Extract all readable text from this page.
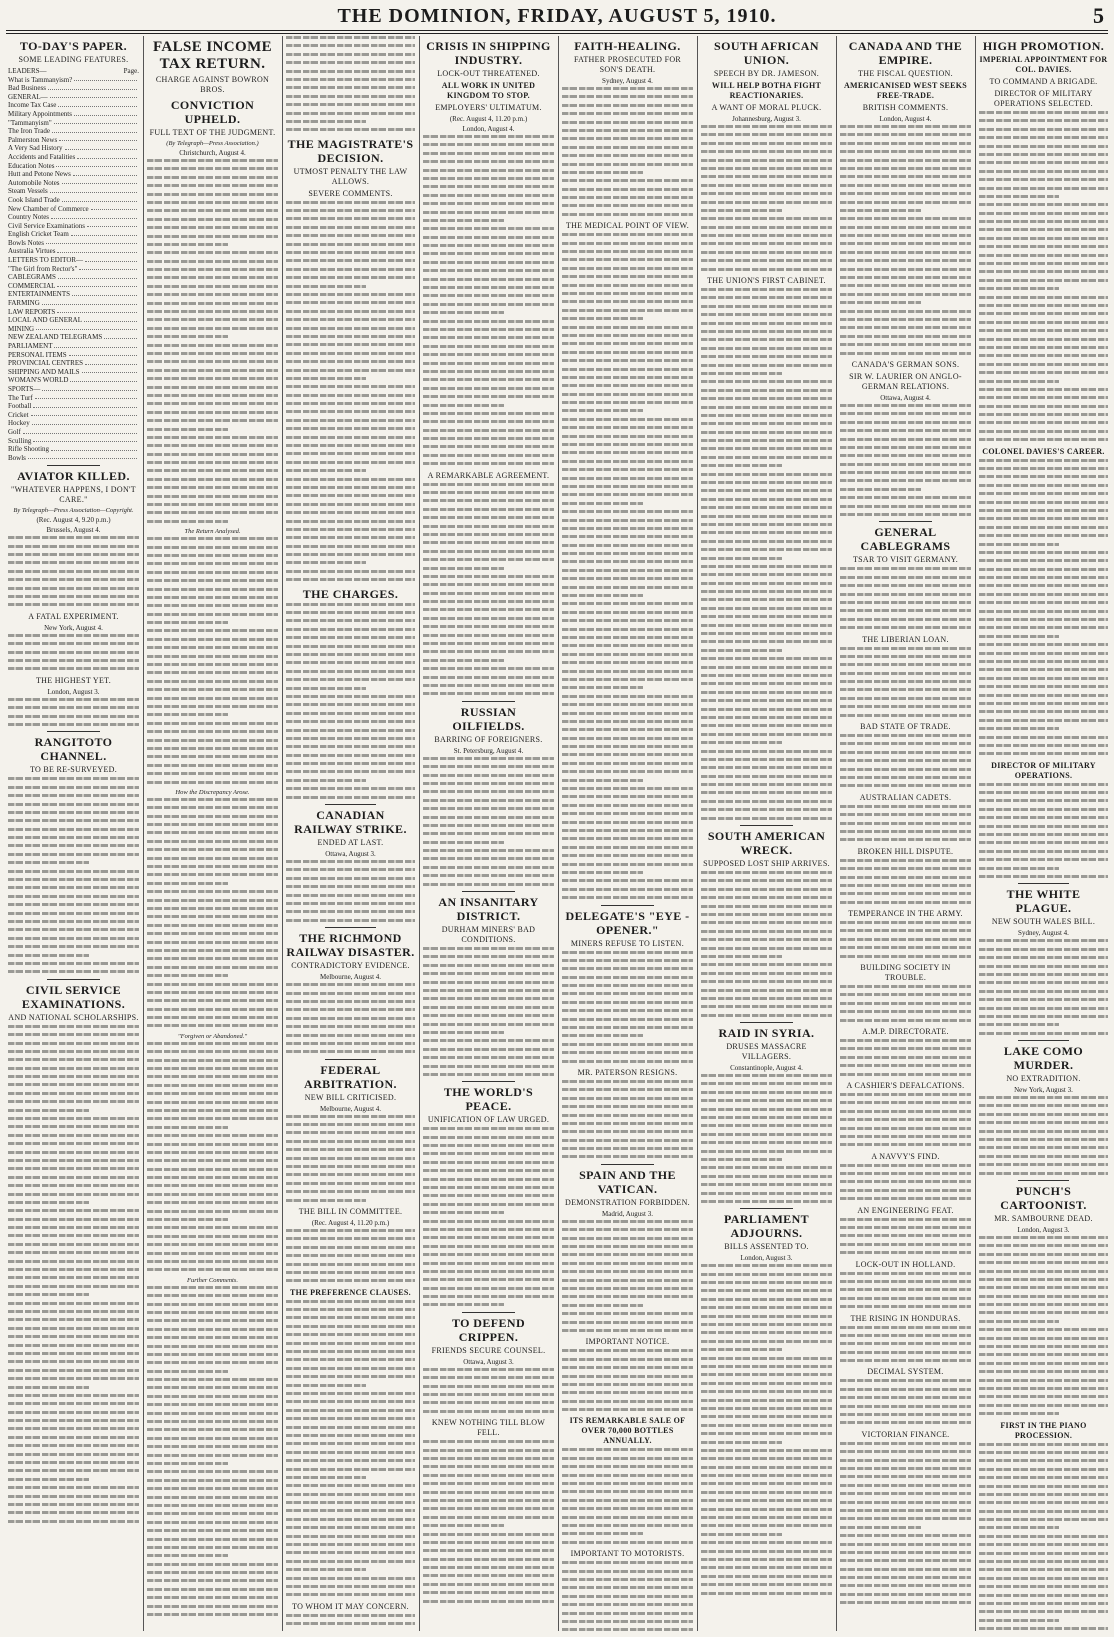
THE DOMINION, FRIDAY, AUGUST 5, 1910.	5
TO-DAY'S PAPER.
SOME LEADING FEATURES.
LEADERS—	Page.
What is Tammanyism?
Bad Business
GENERAL—
Income Tax Case
Military Appointments
"Tammanyism"
The Iron Trade
Palmerston News
A Very Sad History
Accidents and Fatalities
Education Notes
Hutt and Petone News
Automobile Notes
Steam Vessels
Cook Island Trade
New Chamber of Commerce
Country Notes
Civil Service Examinations
English Cricket Team
Bowls Notes
Australia Virtues
LETTERS TO EDITOR—
"The Girl from Rector's"
CABLEGRAMS
COMMERCIAL
ENTERTAINMENTS
FARMING
LAW REPORTS
LOCAL AND GENERAL
MINING
NEW ZEALAND TELEGRAMS
PARLIAMENT
PERSONAL ITEMS
PROVINCIAL CENTRES
SHIPPING AND MAILS
WOMAN'S WORLD
SPORTS—
The Turf
Football
Cricket
Hockey
Golf
Sculling
Rifle Shooting
Bowls
AVIATOR KILLED.
"WHATEVER HAPPENS, I DON'T CARE."
By Telegraph—Press Association—Copyright.
(Rec. August 4, 9.20 p.m.)
Brussels, August 4.
A FATAL EXPERIMENT.
New York, August 4.
THE HIGHEST YET.
London, August 3.
RANGITOTO CHANNEL.
TO BE RE-SURVEYED.
CIVIL SERVICE EXAMINATIONS.
AND NATIONAL SCHOLARSHIPS.
FALSE INCOME TAX RETURN.
CHARGE AGAINST BOWRON BROS.
CONVICTION UPHELD.
FULL TEXT OF THE JUDGMENT.
(By Telegraph—Press Association.)
Christchurch, August 4.
The Return Analysed.
How the Discrepancy Arose.
"Forgiven or Abandoned."
Further Comments.
THE MAGISTRATE'S DECISION.
UTMOST PENALTY THE LAW ALLOWS.
SEVERE COMMENTS.
THE CHARGES.
CANADIAN RAILWAY STRIKE.
ENDED AT LAST.
Ottawa, August 3.
THE RICHMOND RAILWAY DISASTER.
CONTRADICTORY EVIDENCE.
Melbourne, August 4.
FEDERAL ARBITRATION.
NEW BILL CRITICISED.
Melbourne, August 4.
THE BILL IN COMMITTEE.
(Rec. August 4, 11.20 p.m.)
THE PREFERENCE CLAUSES.
TO WHOM IT MAY CONCERN.
CRISIS IN SHIPPING INDUSTRY.
LOCK-OUT THREATENED.
ALL WORK IN UNITED KINGDOM TO STOP.
EMPLOYERS' ULTIMATUM.
(Rec. August 4, 11.20 p.m.)
London, August 4.
A REMARKABLE AGREEMENT.
RUSSIAN OILFIELDS.
BARRING OF FOREIGNERS.
St. Petersburg, August 4.
AN INSANITARY DISTRICT.
DURHAM MINERS' BAD CONDITIONS.
THE WORLD'S PEACE.
UNIFICATION OF LAW URGED.
TO DEFEND CRIPPEN.
FRIENDS SECURE COUNSEL.
Ottawa, August 3.
KNEW NOTHING TILL BLOW FELL.
FAITH-HEALING.
FATHER PROSECUTED FOR SON'S DEATH.
Sydney, August 4.
THE MEDICAL POINT OF VIEW.
DELEGATE'S "EYE - OPENER."
MINERS REFUSE TO LISTEN.
MR. PATERSON RESIGNS.
SPAIN AND THE VATICAN.
DEMONSTRATION FORBIDDEN.
Madrid, August 3.
IMPORTANT NOTICE.
ITS REMARKABLE SALE OF OVER 70,000 BOTTLES ANNUALLY.
IMPORTANT TO MOTORISTS.
SOUTH AFRICAN UNION.
SPEECH BY DR. JAMESON.
WILL HELP BOTHA FIGHT REACTIONARIES.
A WANT OF MORAL PLUCK.
Johannesburg, August 3.
THE UNION'S FIRST CABINET.
SOUTH AMERICAN WRECK.
SUPPOSED LOST SHIP ARRIVES.
RAID IN SYRIA.
DRUSES MASSACRE VILLAGERS.
Constantinople, August 4.
PARLIAMENT ADJOURNS.
BILLS ASSENTED TO.
London, August 3.
CANADA AND THE EMPIRE.
THE FISCAL QUESTION.
AMERICANISED WEST SEEKS FREE-TRADE.
BRITISH COMMENTS.
London, August 4.
CANADA'S GERMAN SONS.
SIR W. LAURIER ON ANGLO-GERMAN RELATIONS.
Ottawa, August 4.
GENERAL CABLEGRAMS
TSAR TO VISIT GERMANY.
THE LIBERIAN LOAN.
BAD STATE OF TRADE.
AUSTRALIAN CADETS.
BROKEN HILL DISPUTE.
TEMPERANCE IN THE ARMY.
BUILDING SOCIETY IN TROUBLE.
A.M.P. DIRECTORATE.
A CASHIER'S DEFALCATIONS.
A NAVVY'S FIND.
AN ENGINEERING FEAT.
LOCK-OUT IN HOLLAND.
THE RISING IN HONDURAS.
DECIMAL SYSTEM.
VICTORIAN FINANCE.
HIGH PROMOTION.
IMPERIAL APPOINTMENT FOR COL. DAVIES.
TO COMMAND A BRIGADE.
DIRECTOR OF MILITARY OPERATIONS SELECTED.
COLONEL DAVIES'S CAREER.
DIRECTOR OF MILITARY OPERATIONS.
THE WHITE PLAGUE.
NEW SOUTH WALES BILL.
Sydney, August 4.
LAKE COMO MURDER.
NO EXTRADITION.
New York, August 3.
PUNCH'S CARTOONIST.
MR. SAMBOURNE DEAD.
London, August 3.
FIRST IN THE PIANO PROCESSION.
